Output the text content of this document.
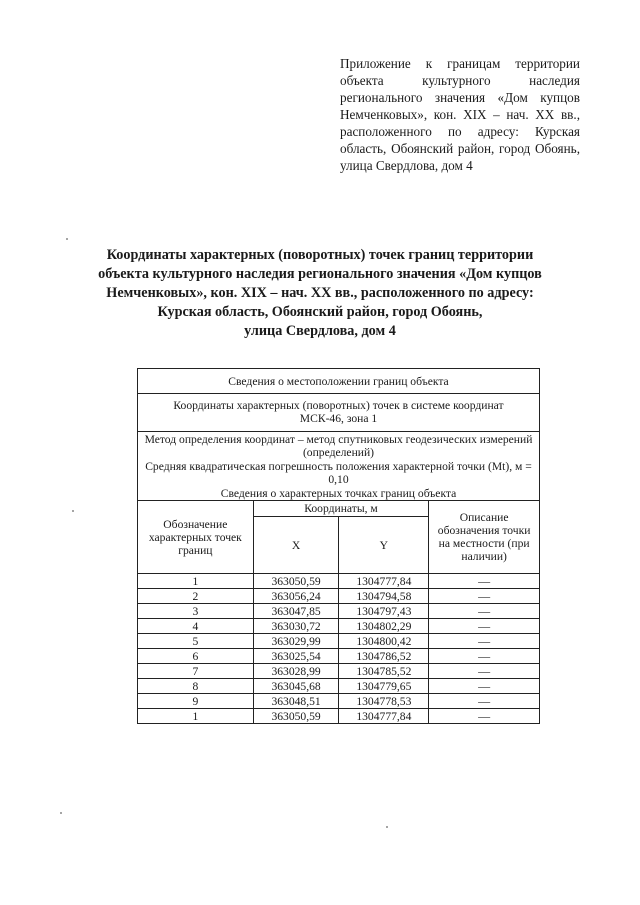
Приложение к границам территории объекта культурного наследия регионального значения «Дом купцов Немченковых», кон. XIX – нач. XX вв., расположенного по адресу: Курская область, Обоянский район, город Обоянь, улица Свердлова, дом 4
Координаты характерных (поворотных) точек границ территории
объекта культурного наследия регионального значения «Дом купцов
Немченковых», кон. XIX – нач. XX вв., расположенного по адресу:
Курская область, Обоянский район, город Обоянь,
улица Свердлова, дом 4
Сведения о местоположении границ объекта			
Координаты характерных (поворотных) точек в системе координат МСК-46, зона 1			

Метод определения координат – метод спутниковых геодезических измерений (определений)
Средняя квадратическая погрешность положения характерной точки (Mt), м = 0,10
Сведения о характерных точках границ объекта			

Обозначение характерных точек границ	Координаты, м		Описание обозначения точки на местности (при наличии)
	X	Y	
1	363050,59	1304777,84	—
2	363056,24	1304794,58	—
3	363047,85	1304797,43	—
4	363030,72	1304802,29	—
5	363029,99	1304800,42	—
6	363025,54	1304786,52	—
7	363028,99	1304785,52	—
8	363045,68	1304779,65	—
9	363048,51	1304778,53	—
1	363050,59	1304777,84	—
